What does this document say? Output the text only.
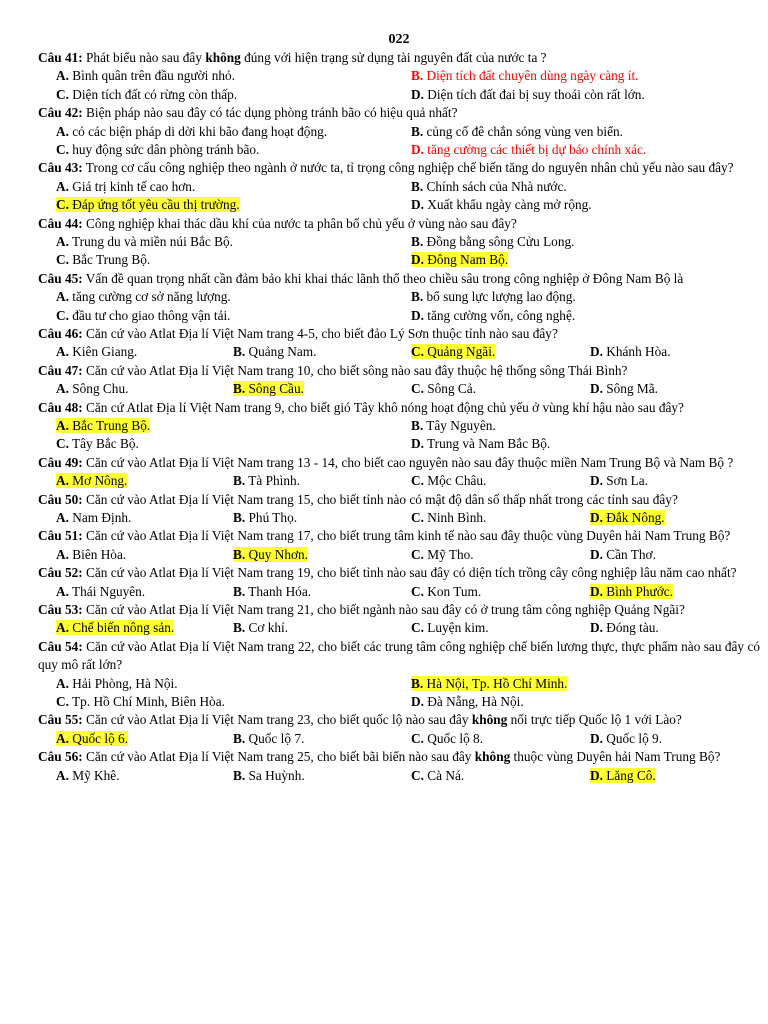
022
Câu 41: Phát biểu nào sau đây không đúng với hiện trạng sử dụng tài nguyên đất của nước ta ?
A. Bình quân trên đầu người nhỏ.	B. Diện tích đất chuyên dùng ngày càng ít.
C. Diện tích đất có rừng còn thấp.	D. Diện tích đất đai bị suy thoái còn rất lớn.
Câu 42: Biện pháp nào sau đây có tác dụng phòng tránh bão có hiệu quả nhất?
A. có các biện pháp di dời khi bão đang hoạt động.	B. củng cố đê chắn sóng vùng ven biển.
C. huy động sức dân phòng tránh bão.	D. tăng cường các thiết bị dự báo chính xác.
Câu 43: Trong cơ cấu công nghiệp theo ngành ở nước ta, tỉ trọng công nghiệp chế biến tăng do nguyên nhân chủ yếu nào sau đây?
A. Giá trị kinh tế cao hơn.	B. Chính sách của Nhà nước.
C. Đáp ứng tốt yêu cầu thị trường.	D. Xuất khẩu ngày càng mở rộng.
Câu 44: Công nghiệp khai thác dầu khí của nước ta phân bố chủ yếu ở vùng nào sau đây?
A. Trung du và miền núi Bắc Bộ.	B. Đồng bằng sông Cửu Long.
C. Bắc Trung Bộ.	D. Đông Nam Bộ.
Câu 45: Vấn đề quan trọng nhất cần đảm bảo khi khai thác lãnh thổ theo chiều sâu trong công nghiệp ở Đông Nam Bộ là
A. tăng cường cơ sở năng lượng.	B. bổ sung lực lượng lao động.
C. đầu tư cho giao thông vận tải.	D. tăng cường vốn, công nghệ.
Câu 46: Căn cứ vào Atlat Địa lí Việt Nam trang 4-5, cho biết đảo Lý Sơn thuộc tỉnh nào sau đây?
A. Kiên Giang.	B. Quảng Nam.	C. Quảng Ngãi.	D. Khánh Hòa.
Câu 47: Căn cứ vào Atlat Địa lí Việt Nam trang 10, cho biết sông nào sau đây thuộc hệ thống sông Thái Bình?
A. Sông Chu.	B. Sông Cầu.	C. Sông Cả.	D. Sông Mã.
Câu 48: Căn cứ Atlat Địa lí Việt Nam trang 9, cho biết gió Tây khô nóng hoạt động chủ yếu ở vùng khí hậu nào sau đây?
A. Bắc Trung Bộ.	B. Tây Nguyên.
C. Tây Bắc Bộ.	D. Trung và Nam Bắc Bộ.
Câu 49: Căn cứ vào Atlat Địa lí Việt Nam trang 13 - 14, cho biết cao nguyên nào sau đây thuộc miền Nam Trung Bộ và Nam Bộ ?
A. Mơ Nông.	B. Tà Phình.	C. Mộc Châu.	D. Sơn La.
Câu 50: Căn cứ vào Atlat Địa lí Việt Nam trang 15, cho biết tỉnh nào có mật độ dân số thấp nhất trong các tỉnh sau đây?
A. Nam Định.	B. Phú Thọ.	C. Ninh Bình.	D. Đắk Nông.
Câu 51: Căn cứ vào Atlat Địa lí Việt Nam trang 17, cho biết trung tâm kinh tế nào sau đây thuộc vùng Duyên hải Nam Trung Bộ?
A. Biên Hòa.	B. Quy Nhơn.	C. Mỹ Tho.	D. Cần Thơ.
Câu 52: Căn cứ vào Atlat Địa lí Việt Nam trang 19, cho biết tỉnh nào sau đây có diện tích trồng cây công nghiệp lâu năm cao nhất?
A. Thái Nguyên.	B. Thanh Hóa.	C. Kon Tum.	D. Bình Phước.
Câu 53: Căn cứ vào Atlat Địa lí Việt Nam trang 21, cho biết ngành nào sau đây có ở trung tâm công nghiệp Quảng Ngãi?
A. Chế biến nông sản.	B. Cơ khí.	C. Luyện kim.	D. Đóng tàu.
Câu 54: Căn cứ vào Atlat Địa lí Việt Nam trang 22, cho biết các trung tâm công nghiệp chế biến lương thực, thực phẩm nào sau đây có quy mô rất lớn?
A. Hải Phòng, Hà Nội.	B. Hà Nội, Tp. Hồ Chí Minh.
C. Tp. Hồ Chí Minh, Biên Hòa.	D. Đà Nẵng, Hà Nội.
Câu 55: Căn cứ vào Atlat Địa lí Việt Nam trang 23, cho biết quốc lộ nào sau đây không nối trực tiếp Quốc lộ 1 với Lào?
A. Quốc lộ 6.	B. Quốc lộ 7.	C. Quốc lộ 8.	D. Quốc lộ 9.
Câu 56: Căn cứ vào Atlat Địa lí Việt Nam trang 25, cho biết bãi biển nào sau đây không thuộc vùng Duyên hải Nam Trung Bộ?
A. Mỹ Khê.	B. Sa Huỳnh.	C. Cà Ná.	D. Lăng Cô.
